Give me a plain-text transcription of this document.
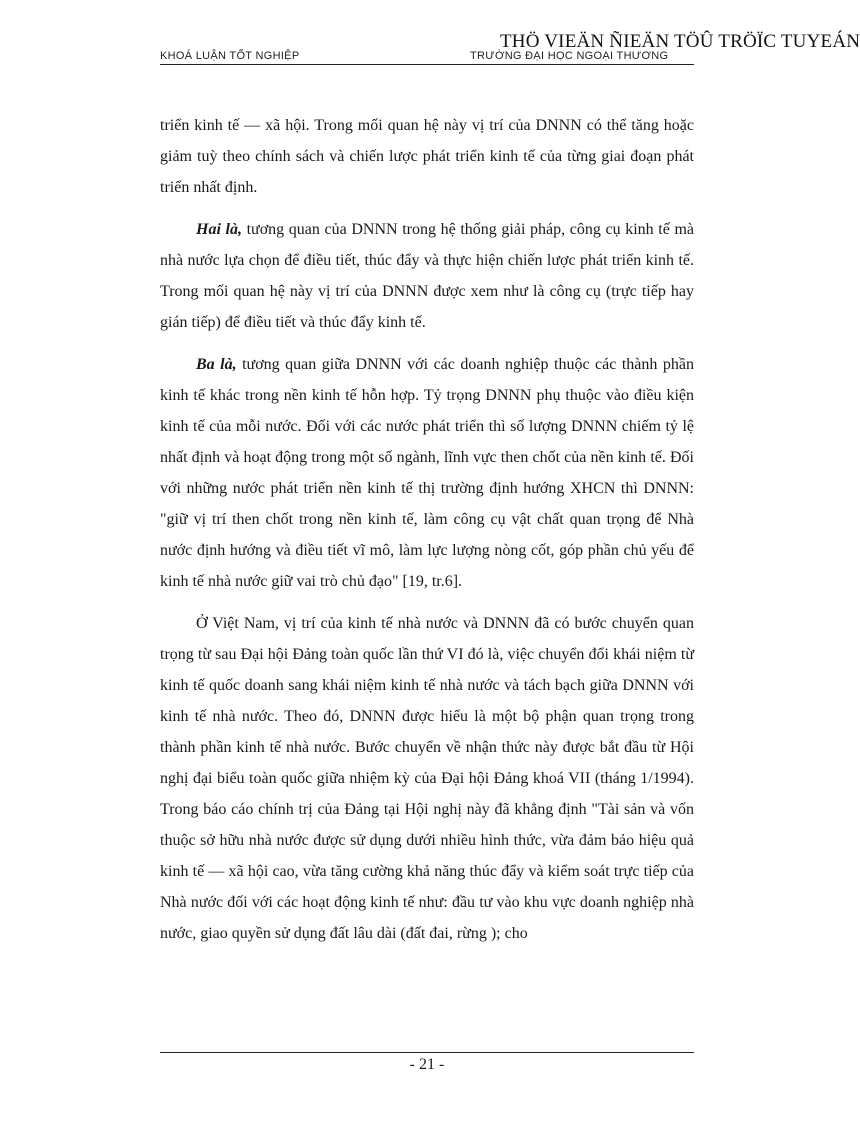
KHOÁ LUẬN TỐT NGHIỆP	TRƯỜNG ĐẠI HỌC NGOẠI THƯƠNG
THÖ VIEÄN ÑIEÄN TÖÛ TRÖÏC TUYEÁN

triển kinh tế — xã hội. Trong mối quan hệ này vị trí của DNNN có thể tăng hoặc giảm tuỳ theo chính sách và chiến lược phát triển kinh tế của từng giai đoạn phát triển nhất định.

Hai là, tương quan của DNNN trong hệ thống giải pháp, công cụ kinh tế mà nhà nước lựa chọn để điều tiết, thúc đẩy và thực hiện chiến lược phát triển kinh tế. Trong mối quan hệ này vị trí của DNNN được xem như là công cụ (trực tiếp hay gián tiếp) để điều tiết và thúc đẩy kinh tế.

Ba là, tương quan giữa DNNN với các doanh nghiệp thuộc các thành phần kinh tế khác trong nền kinh tế hỗn hợp. Tỷ trọng DNNN phụ thuộc vào điều kiện kinh tế của mỗi nước. Đối với các nước phát triển thì số lượng DNNN chiếm tỷ lệ nhất định và hoạt động trong một số ngành, lĩnh vực then chốt của nền kinh tế. Đối với những nước phát triển nền kinh tế thị trường định hướng XHCN thì DNNN: "giữ vị trí then chốt trong nền kinh tế, làm công cụ vật chất quan trọng để Nhà nước định hướng và điều tiết vĩ mô, làm lực lượng nòng cốt, góp phần chủ yếu để kinh tế nhà nước giữ vai trò chủ đạo" [19, tr.6].

Ở Việt Nam, vị trí của kinh tế nhà nước và DNNN đã có bước chuyển quan trọng từ sau Đại hội Đảng toàn quốc lần thứ VI đó là, việc chuyển đổi khái niệm từ kinh tế quốc doanh sang khái niệm kinh tế nhà nước và tách bạch giữa DNNN với kinh tế nhà nước. Theo đó, DNNN được hiểu là một bộ phận quan trọng trong thành phần kinh tế nhà nước. Bước chuyển về nhận thức này được bắt đầu từ Hội nghị đại biểu toàn quốc giữa nhiệm kỳ của Đại hội Đảng khoá VII (tháng 1/1994). Trong báo cáo chính trị của Đảng tại Hội nghị này đã khẳng định "Tài sản và vốn thuộc sở hữu nhà nước được sử dụng dưới nhiều hình thức, vừa đảm bảo hiệu quả kinh tế — xã hội cao, vừa tăng cường khả năng thúc đẩy và kiểm soát trực tiếp của Nhà nước đối với các hoạt động kinh tế như: đầu tư vào khu vực doanh nghiệp nhà nước, giao quyền sử dụng đất lâu dài (đất đai, rừng ); cho

- 21 -
